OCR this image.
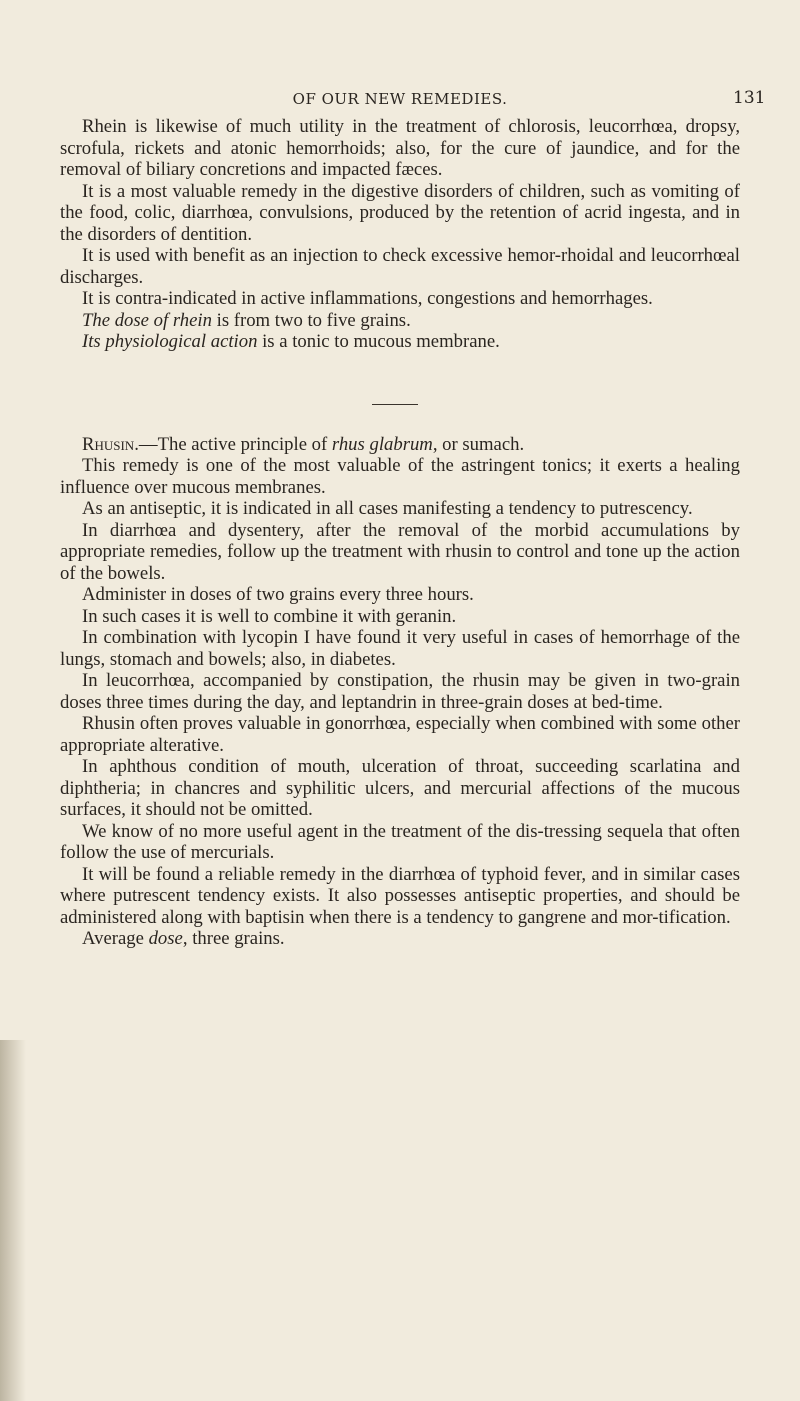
OF OUR NEW REMEDIES.	131

Rhein is likewise of much utility in the treatment of chlorosis, leucorrhœa, dropsy, scrofula, rickets and atonic hemorrhoids; also, for the cure of jaundice, and for the removal of biliary concretions and impacted fæces.

It is a most valuable remedy in the digestive disorders of children, such as vomiting of the food, colic, diarrhœa, convulsions, produced by the retention of acrid ingesta, and in the disorders of dentition.

It is used with benefit as an injection to check excessive hemor-rhoidal and leucorrhœal discharges.

It is contra-indicated in active inflammations, congestions and hemorrhages.

The dose of rhein is from two to five grains.

Its physiological action is a tonic to mucous membrane.

Rhusin.—The active principle of rhus glabrum, or sumach.

This remedy is one of the most valuable of the astringent tonics; it exerts a healing influence over mucous membranes.

As an antiseptic, it is indicated in all cases manifesting a tendency to putrescency.

In diarrhœa and dysentery, after the removal of the morbid accumulations by appropriate remedies, follow up the treatment with rhusin to control and tone up the action of the bowels.

Administer in doses of two grains every three hours.

In such cases it is well to combine it with geranin.

In combination with lycopin I have found it very useful in cases of hemorrhage of the lungs, stomach and bowels; also, in diabetes.

In leucorrhœa, accompanied by constipation, the rhusin may be given in two-grain doses three times during the day, and leptandrin in three-grain doses at bed-time.

Rhusin often proves valuable in gonorrhœa, especially when combined with some other appropriate alterative.

In aphthous condition of mouth, ulceration of throat, succeeding scarlatina and diphtheria; in chancres and syphilitic ulcers, and mercurial affections of the mucous surfaces, it should not be omitted.

We know of no more useful agent in the treatment of the dis-tressing sequela that often follow the use of mercurials.

It will be found a reliable remedy in the diarrhœa of typhoid fever, and in similar cases where putrescent tendency exists. It also possesses antiseptic properties, and should be administered along with baptisin when there is a tendency to gangrene and mor-tification.

Average dose, three grains.
